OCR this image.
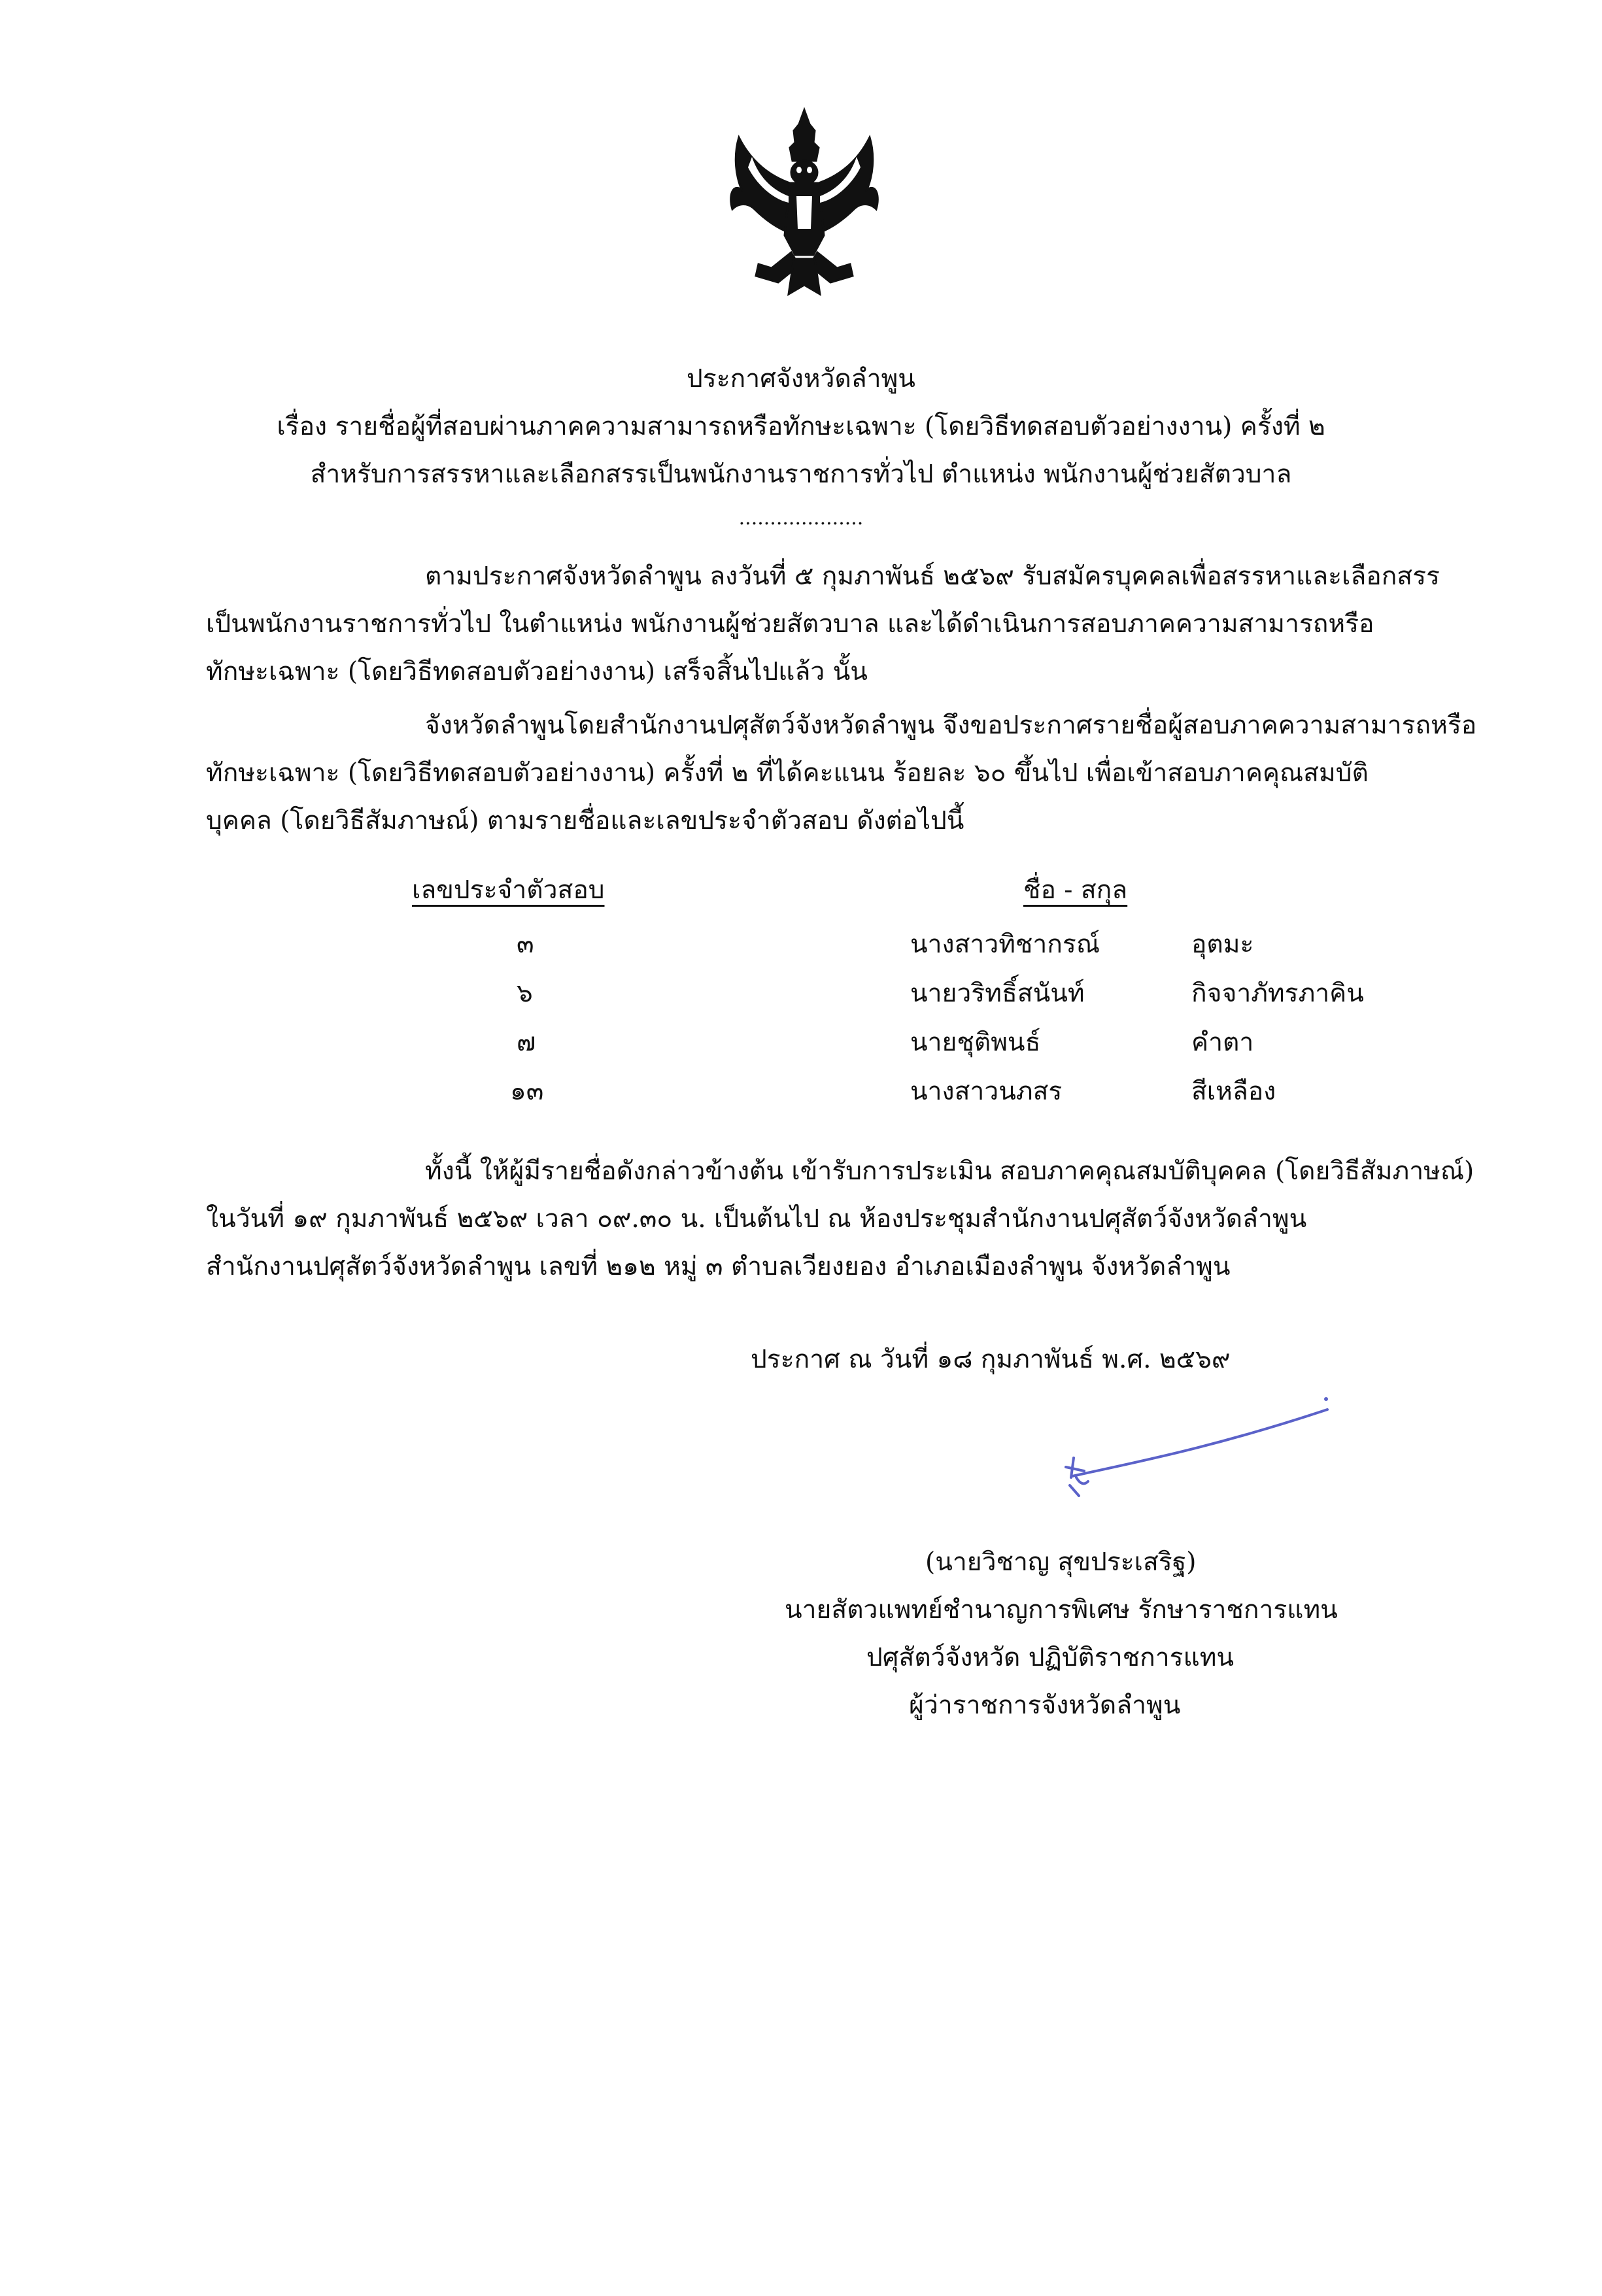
ประกาศจังหวัดลำพูน
เรื่อง รายชื่อผู้ที่สอบผ่านภาคความสามารถหรือทักษะเฉพาะ (โดยวิธีทดสอบตัวอย่างงาน) ครั้งที่ ๒
สำหรับการสรรหาและเลือกสรรเป็นพนักงานราชการทั่วไป ตำแหน่ง พนักงานผู้ช่วยสัตวบาล
....................
ตามประกาศจังหวัดลำพูน ลงวันที่ ๕ กุมภาพันธ์ ๒๕๖๙ รับสมัครบุคคลเพื่อสรรหาและเลือกสรร
เป็นพนักงานราชการทั่วไป ในตำแหน่ง พนักงานผู้ช่วยสัตวบาล และได้ดำเนินการสอบภาคความสามารถหรือ
ทักษะเฉพาะ (โดยวิธีทดสอบตัวอย่างงาน) เสร็จสิ้นไปแล้ว นั้น
จังหวัดลำพูนโดยสำนักงานปศุสัตว์จังหวัดลำพูน จึงขอประกาศรายชื่อผู้สอบภาคความสามารถหรือ
ทักษะเฉพาะ (โดยวิธีทดสอบตัวอย่างงาน) ครั้งที่ ๒ ที่ได้คะแนน ร้อยละ ๖๐ ขึ้นไป เพื่อเข้าสอบภาคคุณสมบัติ
บุคคล (โดยวิธีสัมภาษณ์) ตามรายชื่อและเลขประจำตัวสอบ ดังต่อไปนี้
เลขประจำตัวสอบ	ชื่อ - สกุล
๓	นางสาวทิชากรณ์	อุตมะ
๖	นายวริทธิ์สนันท์	กิจจาภัทรภาคิน
๗	นายชุติพนธ์	คำตา
๑๓	นางสาวนภสร	สีเหลือง
ทั้งนี้ ให้ผู้มีรายชื่อดังกล่าวข้างต้น เข้ารับการประเมิน สอบภาคคุณสมบัติบุคคล (โดยวิธีสัมภาษณ์)
ในวันที่ ๑๙ กุมภาพันธ์ ๒๕๖๙ เวลา ๐๙.๓๐ น. เป็นต้นไป ณ ห้องประชุมสำนักงานปศุสัตว์จังหวัดลำพูน
สำนักงานปศุสัตว์จังหวัดลำพูน เลขที่ ๒๑๒ หมู่ ๓ ตำบลเวียงยอง อำเภอเมืองลำพูน จังหวัดลำพูน
ประกาศ ณ วันที่ ๑๘ กุมภาพันธ์ พ.ศ. ๒๕๖๙
(นายวิชาญ สุขประเสริฐ)
นายสัตวแพทย์ชำนาญการพิเศษ รักษาราชการแทน
ปศุสัตว์จังหวัด ปฏิบัติราชการแทน
ผู้ว่าราชการจังหวัดลำพูน
